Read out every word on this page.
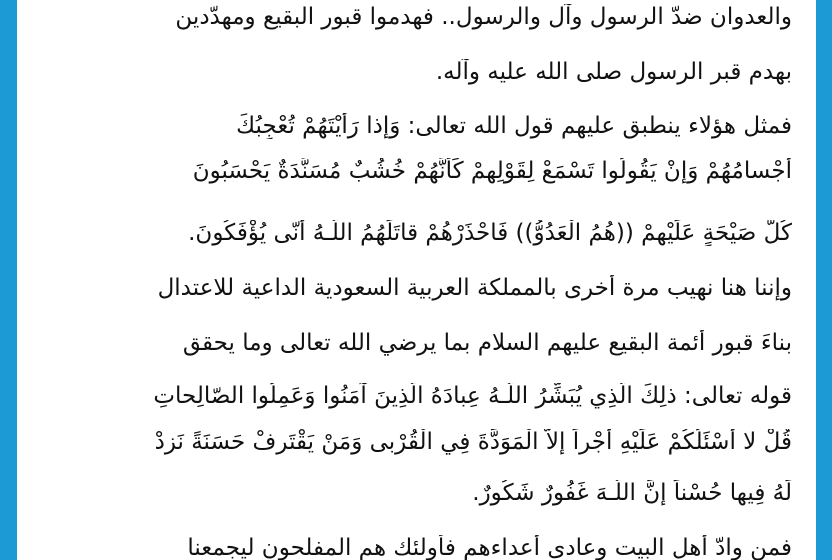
والعدوان ضدّ الرسول وآل والرسول.. فهدموا قبور البقيع ومهدّدين
بهدم قبر الرسول صلى الله عليه وآله.
فمثل هؤلاء ينطبق عليهم قول الله تعالى: وَإِذا رَأَيْتَهُمْ تُعْجِبُكَ
أَجْسامُهُمْ وَإِنْ يَقُولُوا تَسْمَعْ لِقَوْلِهِمْ كَأَنَّهُمْ خُشُبٌ مُسَنَّدَةٌ يَحْسَبُونَ
كُلَّ صَيْحَةٍ عَلَيْهِمْ ((هُمُ الْعَدُوُّ)) فَاحْذَرْهُمْ قاتَلَهُمُ اللّـهُ أَنّى يُؤْفَكُونَ.
وإننا هنا نهيب مرة أخرى بالمملكة العربية السعودية الداعية للاعتدال
بناءَ قبور أئمة البقيع عليهم السلام بما يرضي الله تعالى وما يحقق
قوله تعالى: ذلِكَ الَّذِي يُبَشِّرُ اللّـهُ عِبادَهُ الَّذِينَ آمَنُوا وَعَمِلُوا الصّالِحاتِ
قُلْ لا أَسْئَلُكُمْ عَلَيْهِ أَجْراً إِلاَّ الْمَوَدَّةَ فِي الْقُرْبى وَمَنْ يَقْتَرِفْ حَسَنَةً نَزِدْ
لَهُ فِيها حُسْناً إِنَّ اللّـهَ غَفُورٌ شَكُورٌ.
فمن وادّ أهل البيت وعادى أعداءهم فأولئك هم المفلحون ليجمعنا
